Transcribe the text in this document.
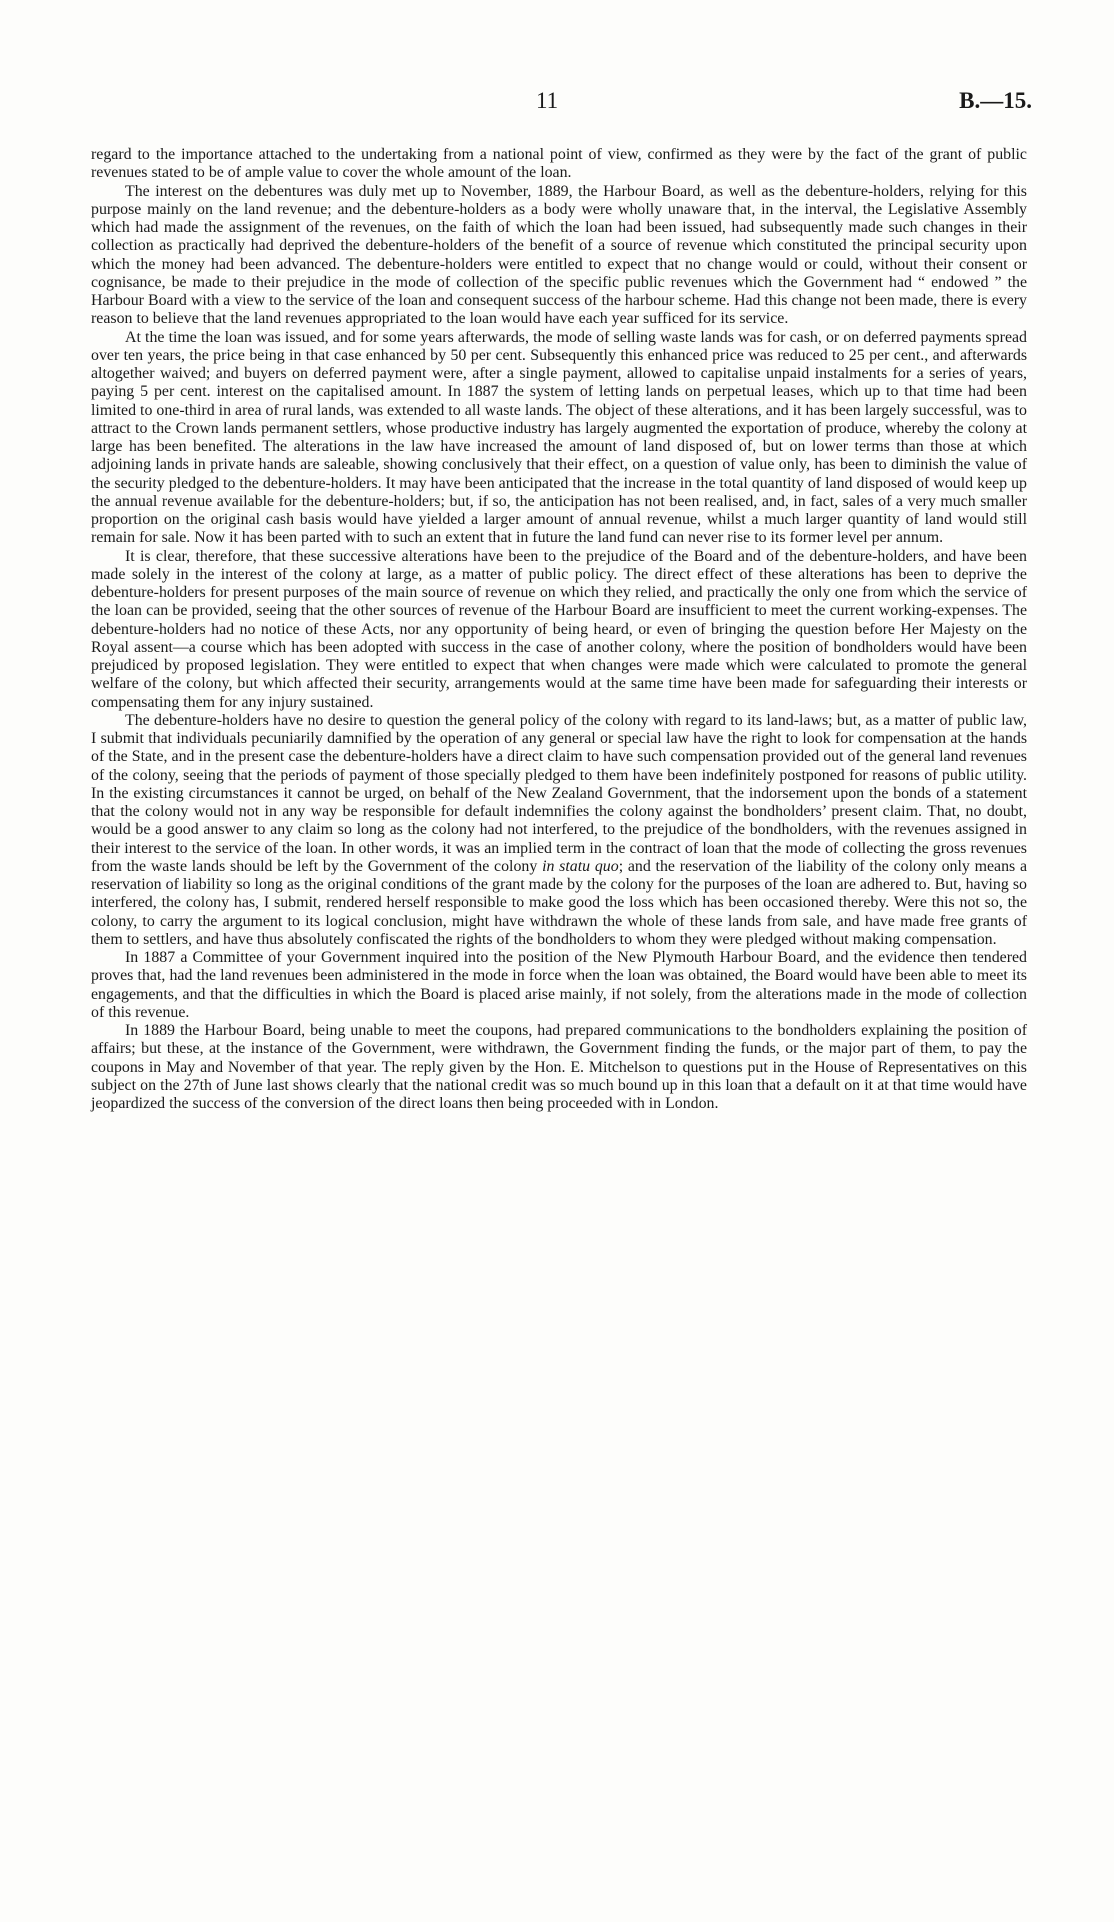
11	B.—15.

regard to the importance attached to the undertaking from a national point of view, confirmed as they were by the fact of the grant of public revenues stated to be of ample value to cover the whole amount of the loan.

The interest on the debentures was duly met up to November, 1889, the Harbour Board, as well as the debenture-holders, relying for this purpose mainly on the land revenue; and the debenture-holders as a body were wholly unaware that, in the interval, the Legislative Assembly which had made the assignment of the revenues, on the faith of which the loan had been issued, had subsequently made such changes in their collection as practically had deprived the debenture-holders of the benefit of a source of revenue which constituted the principal security upon which the money had been advanced. The debenture-holders were entitled to expect that no change would or could, without their consent or cognisance, be made to their prejudice in the mode of collection of the specific public revenues which the Government had “ endowed ” the Harbour Board with a view to the service of the loan and consequent success of the harbour scheme. Had this change not been made, there is every reason to believe that the land revenues appropriated to the loan would have each year sufficed for its service.

At the time the loan was issued, and for some years afterwards, the mode of selling waste lands was for cash, or on deferred payments spread over ten years, the price being in that case enhanced by 50 per cent. Subsequently this enhanced price was reduced to 25 per cent., and afterwards altogether waived; and buyers on deferred payment were, after a single payment, allowed to capitalise unpaid instalments for a series of years, paying 5 per cent. interest on the capitalised amount. In 1887 the system of letting lands on perpetual leases, which up to that time had been limited to one-third in area of rural lands, was extended to all waste lands. The object of these alterations, and it has been largely successful, was to attract to the Crown lands permanent settlers, whose productive industry has largely augmented the exportation of produce, whereby the colony at large has been benefited. The alterations in the law have increased the amount of land disposed of, but on lower terms than those at which adjoining lands in private hands are saleable, showing conclusively that their effect, on a question of value only, has been to diminish the value of the security pledged to the debenture-holders. It may have been anticipated that the increase in the total quantity of land disposed of would keep up the annual revenue available for the debenture-holders; but, if so, the anticipation has not been realised, and, in fact, sales of a very much smaller proportion on the original cash basis would have yielded a larger amount of annual revenue, whilst a much larger quantity of land would still remain for sale. Now it has been parted with to such an extent that in future the land fund can never rise to its former level per annum.

It is clear, therefore, that these successive alterations have been to the prejudice of the Board and of the debenture-holders, and have been made solely in the interest of the colony at large, as a matter of public policy. The direct effect of these alterations has been to deprive the debenture-holders for present purposes of the main source of revenue on which they relied, and practically the only one from which the service of the loan can be provided, seeing that the other sources of revenue of the Harbour Board are insufficient to meet the current working-expenses. The debenture-holders had no notice of these Acts, nor any opportunity of being heard, or even of bringing the question before Her Majesty on the Royal assent—a course which has been adopted with success in the case of another colony, where the position of bondholders would have been prejudiced by proposed legislation. They were entitled to expect that when changes were made which were calculated to promote the general welfare of the colony, but which affected their security, arrangements would at the same time have been made for safeguarding their interests or compensating them for any injury sustained.

The debenture-holders have no desire to question the general policy of the colony with regard to its land-laws; but, as a matter of public law, I submit that individuals pecuniarily damnified by the operation of any general or special law have the right to look for compensation at the hands of the State, and in the present case the debenture-holders have a direct claim to have such compensation provided out of the general land revenues of the colony, seeing that the periods of payment of those specially pledged to them have been indefinitely postponed for reasons of public utility. In the existing circumstances it cannot be urged, on behalf of the New Zealand Government, that the indorsement upon the bonds of a statement that the colony would not in any way be responsible for default indemnifies the colony against the bondholders’ present claim. That, no doubt, would be a good answer to any claim so long as the colony had not interfered, to the prejudice of the bondholders, with the revenues assigned in their interest to the service of the loan. In other words, it was an implied term in the contract of loan that the mode of collecting the gross revenues from the waste lands should be left by the Government of the colony in statu quo; and the reservation of the liability of the colony only means a reservation of liability so long as the original conditions of the grant made by the colony for the purposes of the loan are adhered to. But, having so interfered, the colony has, I submit, rendered herself responsible to make good the loss which has been occasioned thereby. Were this not so, the colony, to carry the argument to its logical conclusion, might have withdrawn the whole of these lands from sale, and have made free grants of them to settlers, and have thus absolutely confiscated the rights of the bondholders to whom they were pledged without making compensation.

In 1887 a Committee of your Government inquired into the position of the New Plymouth Harbour Board, and the evidence then tendered proves that, had the land revenues been administered in the mode in force when the loan was obtained, the Board would have been able to meet its engagements, and that the difficulties in which the Board is placed arise mainly, if not solely, from the alterations made in the mode of collection of this revenue.

In 1889 the Harbour Board, being unable to meet the coupons, had prepared communications to the bondholders explaining the position of affairs; but these, at the instance of the Government, were withdrawn, the Government finding the funds, or the major part of them, to pay the coupons in May and November of that year. The reply given by the Hon. E. Mitchelson to questions put in the House of Representatives on this subject on the 27th of June last shows clearly that the national credit was so much bound up in this loan that a default on it at that time would have jeopardized the success of the conversion of the direct loans then being proceeded with in London.
